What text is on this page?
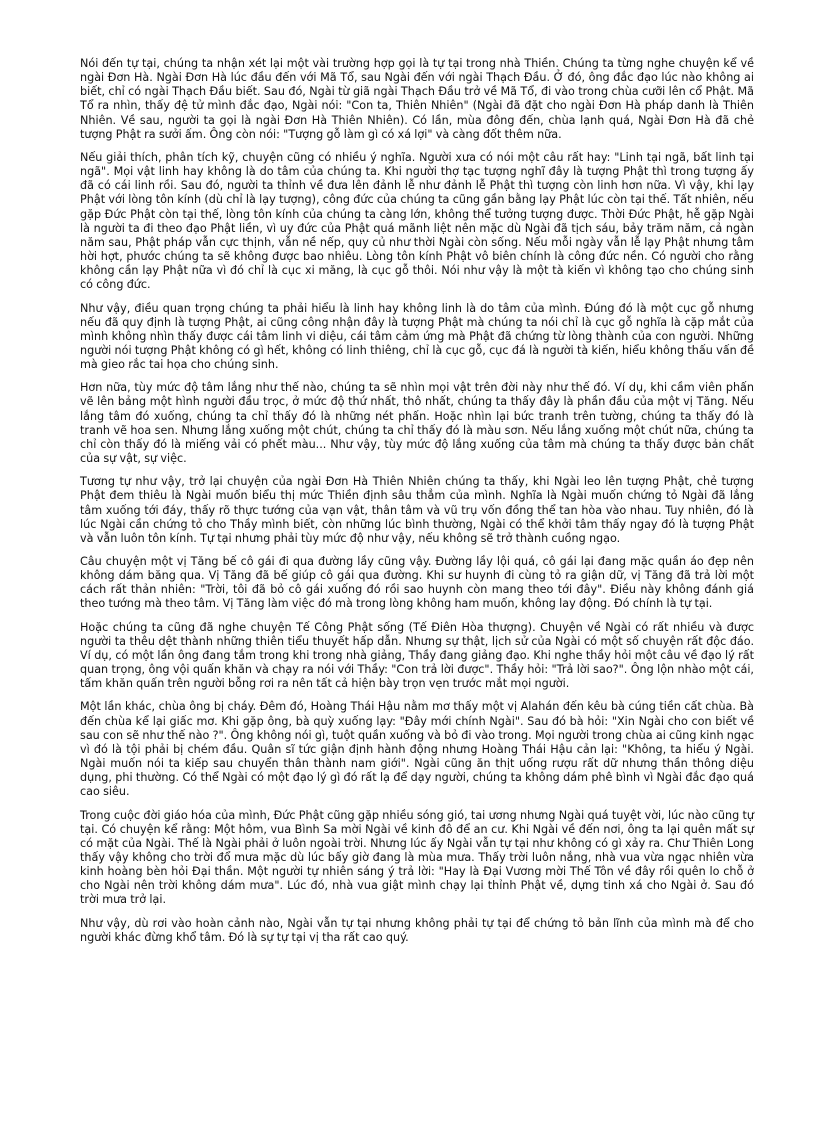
Nói đến tự tại, chúng ta nhận xét lại một vài trường hợp gọi là tự tại trong nhà Thiền. Chúng ta từng nghe chuyện kể về ngài Đơn Hà. Ngài Đơn Hà lúc đầu đến với Mã Tổ, sau Ngài đến với ngài Thạch Đầu. Ở đó, ông đắc đạo lúc nào không ai biết, chỉ có ngài Thạch Đầu biết. Sau đó, Ngài từ giã ngài Thạch Đầu trở về Mã Tổ, đi vào trong chùa cưỡi lên cổ Phật. Mã Tổ ra nhìn, thấy đệ tử mình đắc đạo, Ngài nói: "Con ta, Thiên Nhiên" (Ngài đã đặt cho ngài Đơn Hà pháp danh là Thiên Nhiên. Về sau, người ta gọi là ngài Đơn Hà Thiên Nhiên). Có lần, mùa đông đến, chùa lạnh quá, Ngài Đơn Hà đã chẻ tượng Phật ra sưởi ấm. Ông còn nói: "Tượng gỗ làm gì có xá lợi" và càng đốt thêm nữa.

Nếu giải thích, phân tích kỹ, chuyện cũng có nhiều ý nghĩa. Người xưa có nói một câu rất hay: "Linh tại ngã, bất linh tại ngã". Mọi vật linh hay không là do tâm của chúng ta. Khi người thợ tạc tượng nghĩ đây là tượng Phật thì trong tượng ấy đã có cái linh rồi. Sau đó, người ta thỉnh về đưa lên đảnh lễ như đảnh lễ Phật thì tượng còn linh hơn nữa. Vì vậy, khi lạy Phật với lòng tôn kính (dù chỉ là lạy tượng), công đức của chúng ta cũng gần bằng lạy Phật lúc còn tại thế. Tất nhiên, nếu gặp Đức Phật còn tại thế, lòng tôn kính của chúng ta càng lớn, không thể tưởng tượng được. Thời Đức Phật, hễ gặp Ngài là người ta đi theo đạo Phật liền, vì uy đức của Phật quá mãnh liệt nên mặc dù Ngài đã tịch sáu, bảy trăm năm, cả ngàn năm sau, Phật pháp vẫn cực thịnh, vẫn nề nếp, quy củ như thời Ngài còn sống. Nếu mỗi ngày vẫn lễ lạy Phật nhưng tâm hời hợt, phước chúng ta sẽ không được bao nhiêu. Lòng tôn kính Phật vô biên chính là công đức nền. Có người cho rằng không cần lạy Phật nữa vì đó chỉ là cục xi măng, là cục gỗ thôi. Nói như vậy là một tà kiến vì không tạo cho chúng sinh có công đức.

Như vậy, điều quan trọng chúng ta phải hiểu là linh hay không linh là do tâm của mình. Đúng đó là một cục gỗ nhưng nếu đã quy định là tượng Phật, ai cũng công nhận đây là tượng Phật mà chúng ta nói chỉ là cục gỗ nghĩa là cặp mắt của mình không nhìn thấy được cái tâm linh vi diệu, cái tâm cảm ứng mà Phật đã chứng từ lòng thành của con người. Những người nói tượng Phật không có gì hết, không có linh thiêng, chỉ là cục gỗ, cục đá là người tà kiến, hiểu không thấu vấn đề mà gieo rắc tai họa cho chúng sinh.

Hơn nữa, tùy mức độ tâm lắng như thế nào, chúng ta sẽ nhìn mọi vật trên đời này như thế đó. Ví dụ, khi cầm viên phấn vẽ lên bảng một hình người đầu trọc, ở mức độ thứ nhất, thô nhất, chúng ta thấy đây là phần đầu của một vị Tăng. Nếu lắng tâm đó xuống, chúng ta chỉ thấy đó là những nét phấn. Hoặc nhìn lại bức tranh trên tường, chúng ta thấy đó là tranh vẽ hoa sen. Nhưng lắng xuống một chút, chúng ta chỉ thấy đó là màu sơn. Nếu lắng xuống một chút nữa, chúng ta chỉ còn thấy đó là miếng vải có phết màu... Như vậy, tùy mức độ lắng xuống của tâm mà chúng ta thấy được bản chất của sự vật, sự việc.

Tương tự như vậy, trở lại chuyện của ngài Đơn Hà Thiên Nhiên chúng ta thấy, khi Ngài leo lên tượng Phật, chẻ tượng Phật đem thiêu là Ngài muốn biểu thị mức Thiền định sâu thẳm của mình. Nghĩa là Ngài muốn chứng tỏ Ngài đã lắng tâm xuống tới đáy, thấy rõ thực tướng của vạn vật, thân tâm và vũ trụ vốn đồng thể tan hòa vào nhau. Tuy nhiên, đó là lúc Ngài cần chứng tỏ cho Thầy mình biết, còn những lúc bình thường, Ngài có thể khởi tâm thấy ngay đó là tượng Phật và vẫn luôn tôn kính. Tự tại nhưng phải tùy mức độ như vậy, nếu không sẽ trở thành cuồng ngạo.

Câu chuyện một vị Tăng bế cô gái đi qua đường lầy cũng vậy. Đường lầy lội quá, cô gái lại đang mặc quần áo đẹp nên không dám băng qua. Vị Tăng đã bế giúp cô gái qua đường. Khi sư huynh đi cùng tỏ ra giận dữ, vị Tăng đã trả lời một cách rất thản nhiên: "Trời, tôi đã bỏ cô gái xuống đó rồi sao huynh còn mang theo tới đây". Điều này không đánh giá theo tướng mà theo tâm. Vị Tăng làm việc đó mà trong lòng không ham muốn, không lay động. Đó chính là tự tại.

Hoặc chúng ta cũng đã nghe chuyện Tế Công Phật sống (Tế Điên Hòa thượng). Chuyện về Ngài có rất nhiều và được người ta thêu dệt thành những thiên tiểu thuyết hấp dẫn. Nhưng sự thật, lịch sử của Ngài có một số chuyện rất độc đáo. Ví dụ, có một lần ông đang tắm trong khi trong nhà giảng, Thầy đang giảng đạo. Khi nghe thầy hỏi một câu về đạo lý rất quan trọng, ông vội quấn khăn và chạy ra nói với Thầy: "Con trả lời được". Thầy hỏi: "Trả lời sao?". Ông lộn nhào một cái, tấm khăn quấn trên người bỗng rơi ra nên tất cả hiện bày trọn vẹn trước mắt mọi người.

Một lần khác, chùa ông bị cháy. Đêm đó, Hoàng Thái Hậu nằm mơ thấy một vị Alahán đến kêu bà cúng tiền cất chùa. Bà đến chùa kể lại giấc mơ. Khi gặp ông, bà quỳ xuống lạy: "Đây mới chính Ngài". Sau đó bà hỏi: "Xin Ngài cho con biết về sau con sẽ như thế nào ?". Ông không nói gì, tuột quần xuống và bỏ đi vào trong. Mọi người trong chùa ai cũng kinh ngạc vì đó là tội phải bị chém đầu. Quân sĩ tức giận định hành động nhưng Hoàng Thái Hậu cản lại: "Không, ta hiểu ý Ngài. Ngài muốn nói ta kiếp sau chuyển thân thành nam giới". Ngài cũng ăn thịt uống rượu rất dữ nhưng thần thông diệu dụng, phi thường. Có thể Ngài có một đạo lý gì đó rất lạ để dạy người, chúng ta không dám phê bình vì Ngài đắc đạo quá cao siêu.

Trong cuộc đời giáo hóa của mình, Đức Phật cũng gặp nhiều sóng gió, tai ương nhưng Ngài quá tuyệt vời, lúc nào cũng tự tại. Có chuyện kể rằng: Một hôm, vua Bình Sa mời Ngài về kinh đô để an cư. Khi Ngài về đến nơi, ông ta lại quên mất sự có mặt của Ngài. Thế là Ngài phải ở luôn ngoài trời. Nhưng lúc ấy Ngài vẫn tự tại như không có gì xảy ra. Chư Thiên Long thấy vậy không cho trời đổ mưa mặc dù lúc bấy giờ đang là mùa mưa. Thấy trời luôn nắng, nhà vua vừa ngạc nhiên vừa kinh hoàng bèn hỏi Đại thần. Một người tự nhiên sáng ý trả lời: "Hay là Đại Vương mời Thế Tôn về đây rồi quên lo chỗ ở cho Ngài nên trời không dám mưa". Lúc đó, nhà vua giật mình chạy lại thỉnh Phật về, dựng tinh xá cho Ngài ở. Sau đó trời mưa trở lại.

Như vậy, dù rơi vào hoàn cảnh nào, Ngài vẫn tự tại nhưng không phải tự tại để chứng tỏ bản lĩnh của mình mà để cho người khác đừng khổ tâm. Đó là sự tự tại vị tha rất cao quý.
